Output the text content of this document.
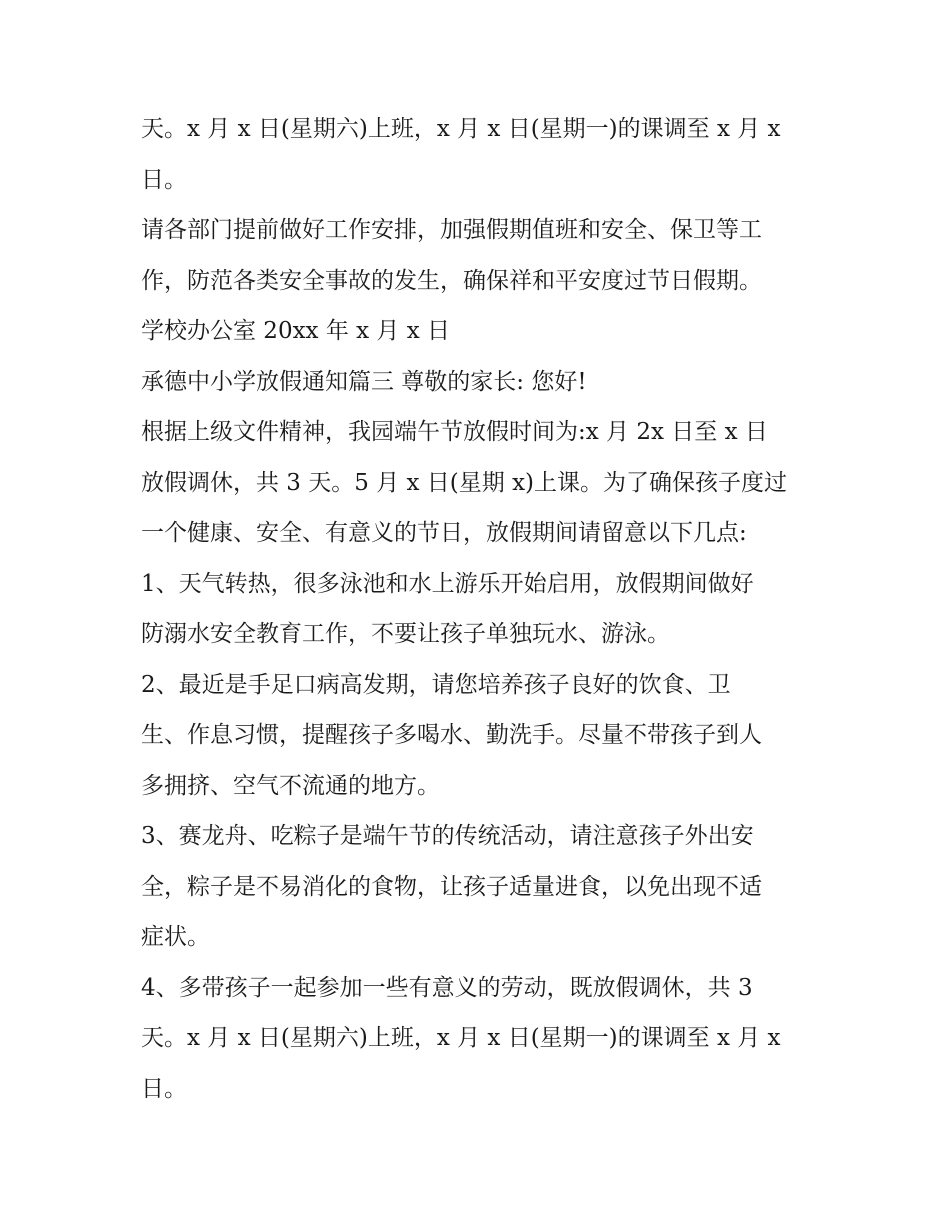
天。x 月 x 日(星期六)上班，x 月 x 日(星期一)的课调至 x 月 x

日。

请各部门提前做好工作安排，加强假期值班和安全、保卫等工

作，防范各类安全事故的发生，确保祥和平安度过节日假期。

学校办公室 20xx 年 x 月 x 日

承德中小学放假通知篇三 尊敬的家长: 您好!

根据上级文件精神，我园端午节放假时间为:x 月 2x 日至 x 日

放假调休，共 3 天。5 月 x 日(星期 x)上课。为了确保孩子度过

一个健康、安全、有意义的节日，放假期间请留意以下几点:

1、天气转热，很多泳池和水上游乐开始启用，放假期间做好

防溺水安全教育工作，不要让孩子单独玩水、游泳。

2、最近是手足口病高发期，请您培养孩子良好的饮食、卫

生、作息习惯，提醒孩子多喝水、勤洗手。尽量不带孩子到人

多拥挤、空气不流通的地方。

3、赛龙舟、吃粽子是端午节的传统活动，请注意孩子外出安

全，粽子是不易消化的食物，让孩子适量进食，以免出现不适

症状。

4、多带孩子一起参加一些有意义的劳动，既放假调休，共 3

天。x 月 x 日(星期六)上班，x 月 x 日(星期一)的课调至 x 月 x

日。
